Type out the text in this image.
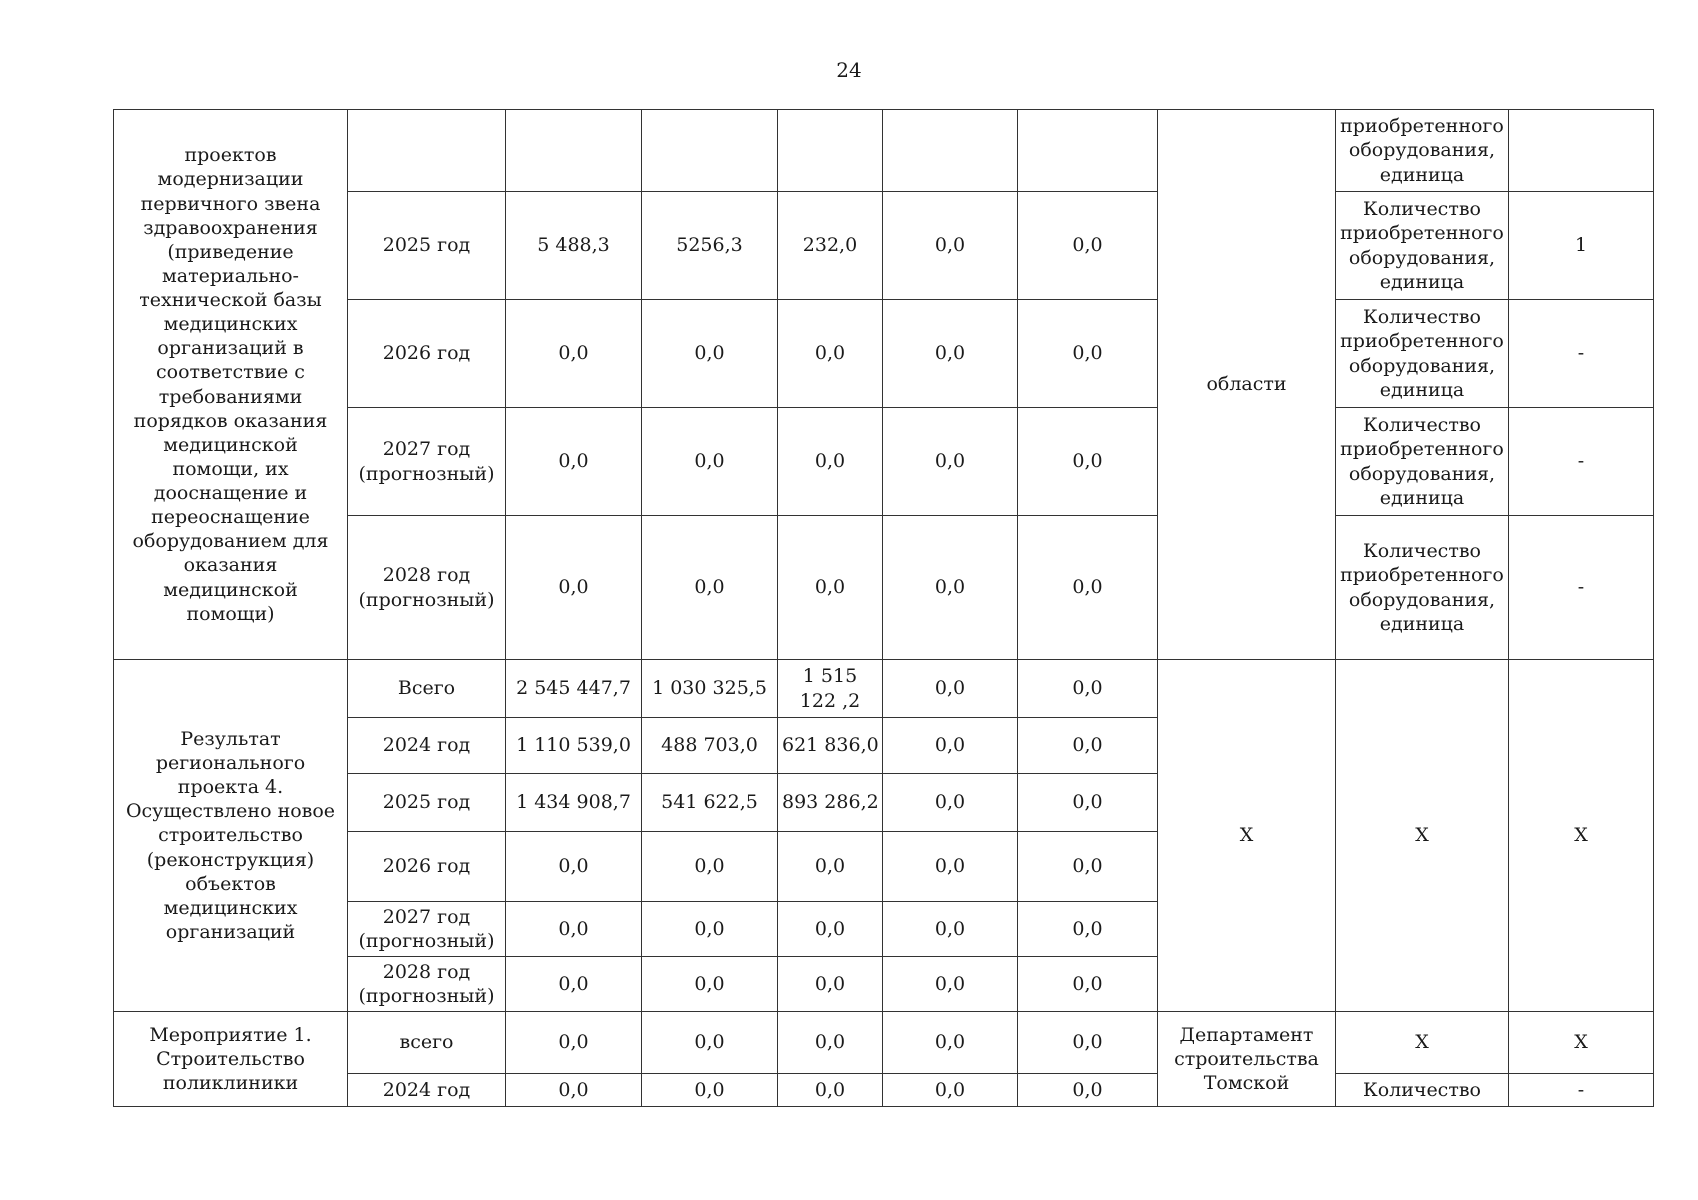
24
проектов модернизации первичного звена здравоохранения (приведение материально-технической базы медицинских организаций в соответствие с требованиями порядков оказания медицинской помощи, их дооснащение и переоснащение оборудованием для оказания медицинской помощи)							области	приобретенного оборудования, единица	
	2025 год	5 488,3	5256,3	232,0	0,0	0,0		Количество приобретенного оборудования, единица	1
	2026 год	0,0	0,0	0,0	0,0	0,0		Количество приобретенного оборудования, единица	-
	2027 год (прогнозный)	0,0	0,0	0,0	0,0	0,0		Количество приобретенного оборудования, единица	-
	2028 год (прогнозный)	0,0	0,0	0,0	0,0	0,0		Количество приобретенного оборудования, единица	-
Результат регионального проекта 4. Осуществлено новое строительство (реконструкция) объектов медицинских организаций	Всего	2 545 447,7	1 030 325,5	1 515 122 ,2	0,0	0,0	Х	Х	Х
	2024 год	1 110 539,0	488 703,0	621 836,0	0,0	0,0			
	2025 год	1 434 908,7	541 622,5	893 286,2	0,0	0,0			
	2026 год	0,0	0,0	0,0	0,0	0,0			
	2027 год (прогнозный)	0,0	0,0	0,0	0,0	0,0			
	2028 год (прогнозный)	0,0	0,0	0,0	0,0	0,0			
Мероприятие 1. Строительство поликлиники	всего	0,0	0,0	0,0	0,0	0,0	Департамент строительства Томской	Х	Х
	2024 год	0,0	0,0	0,0	0,0	0,0		Количество	-
